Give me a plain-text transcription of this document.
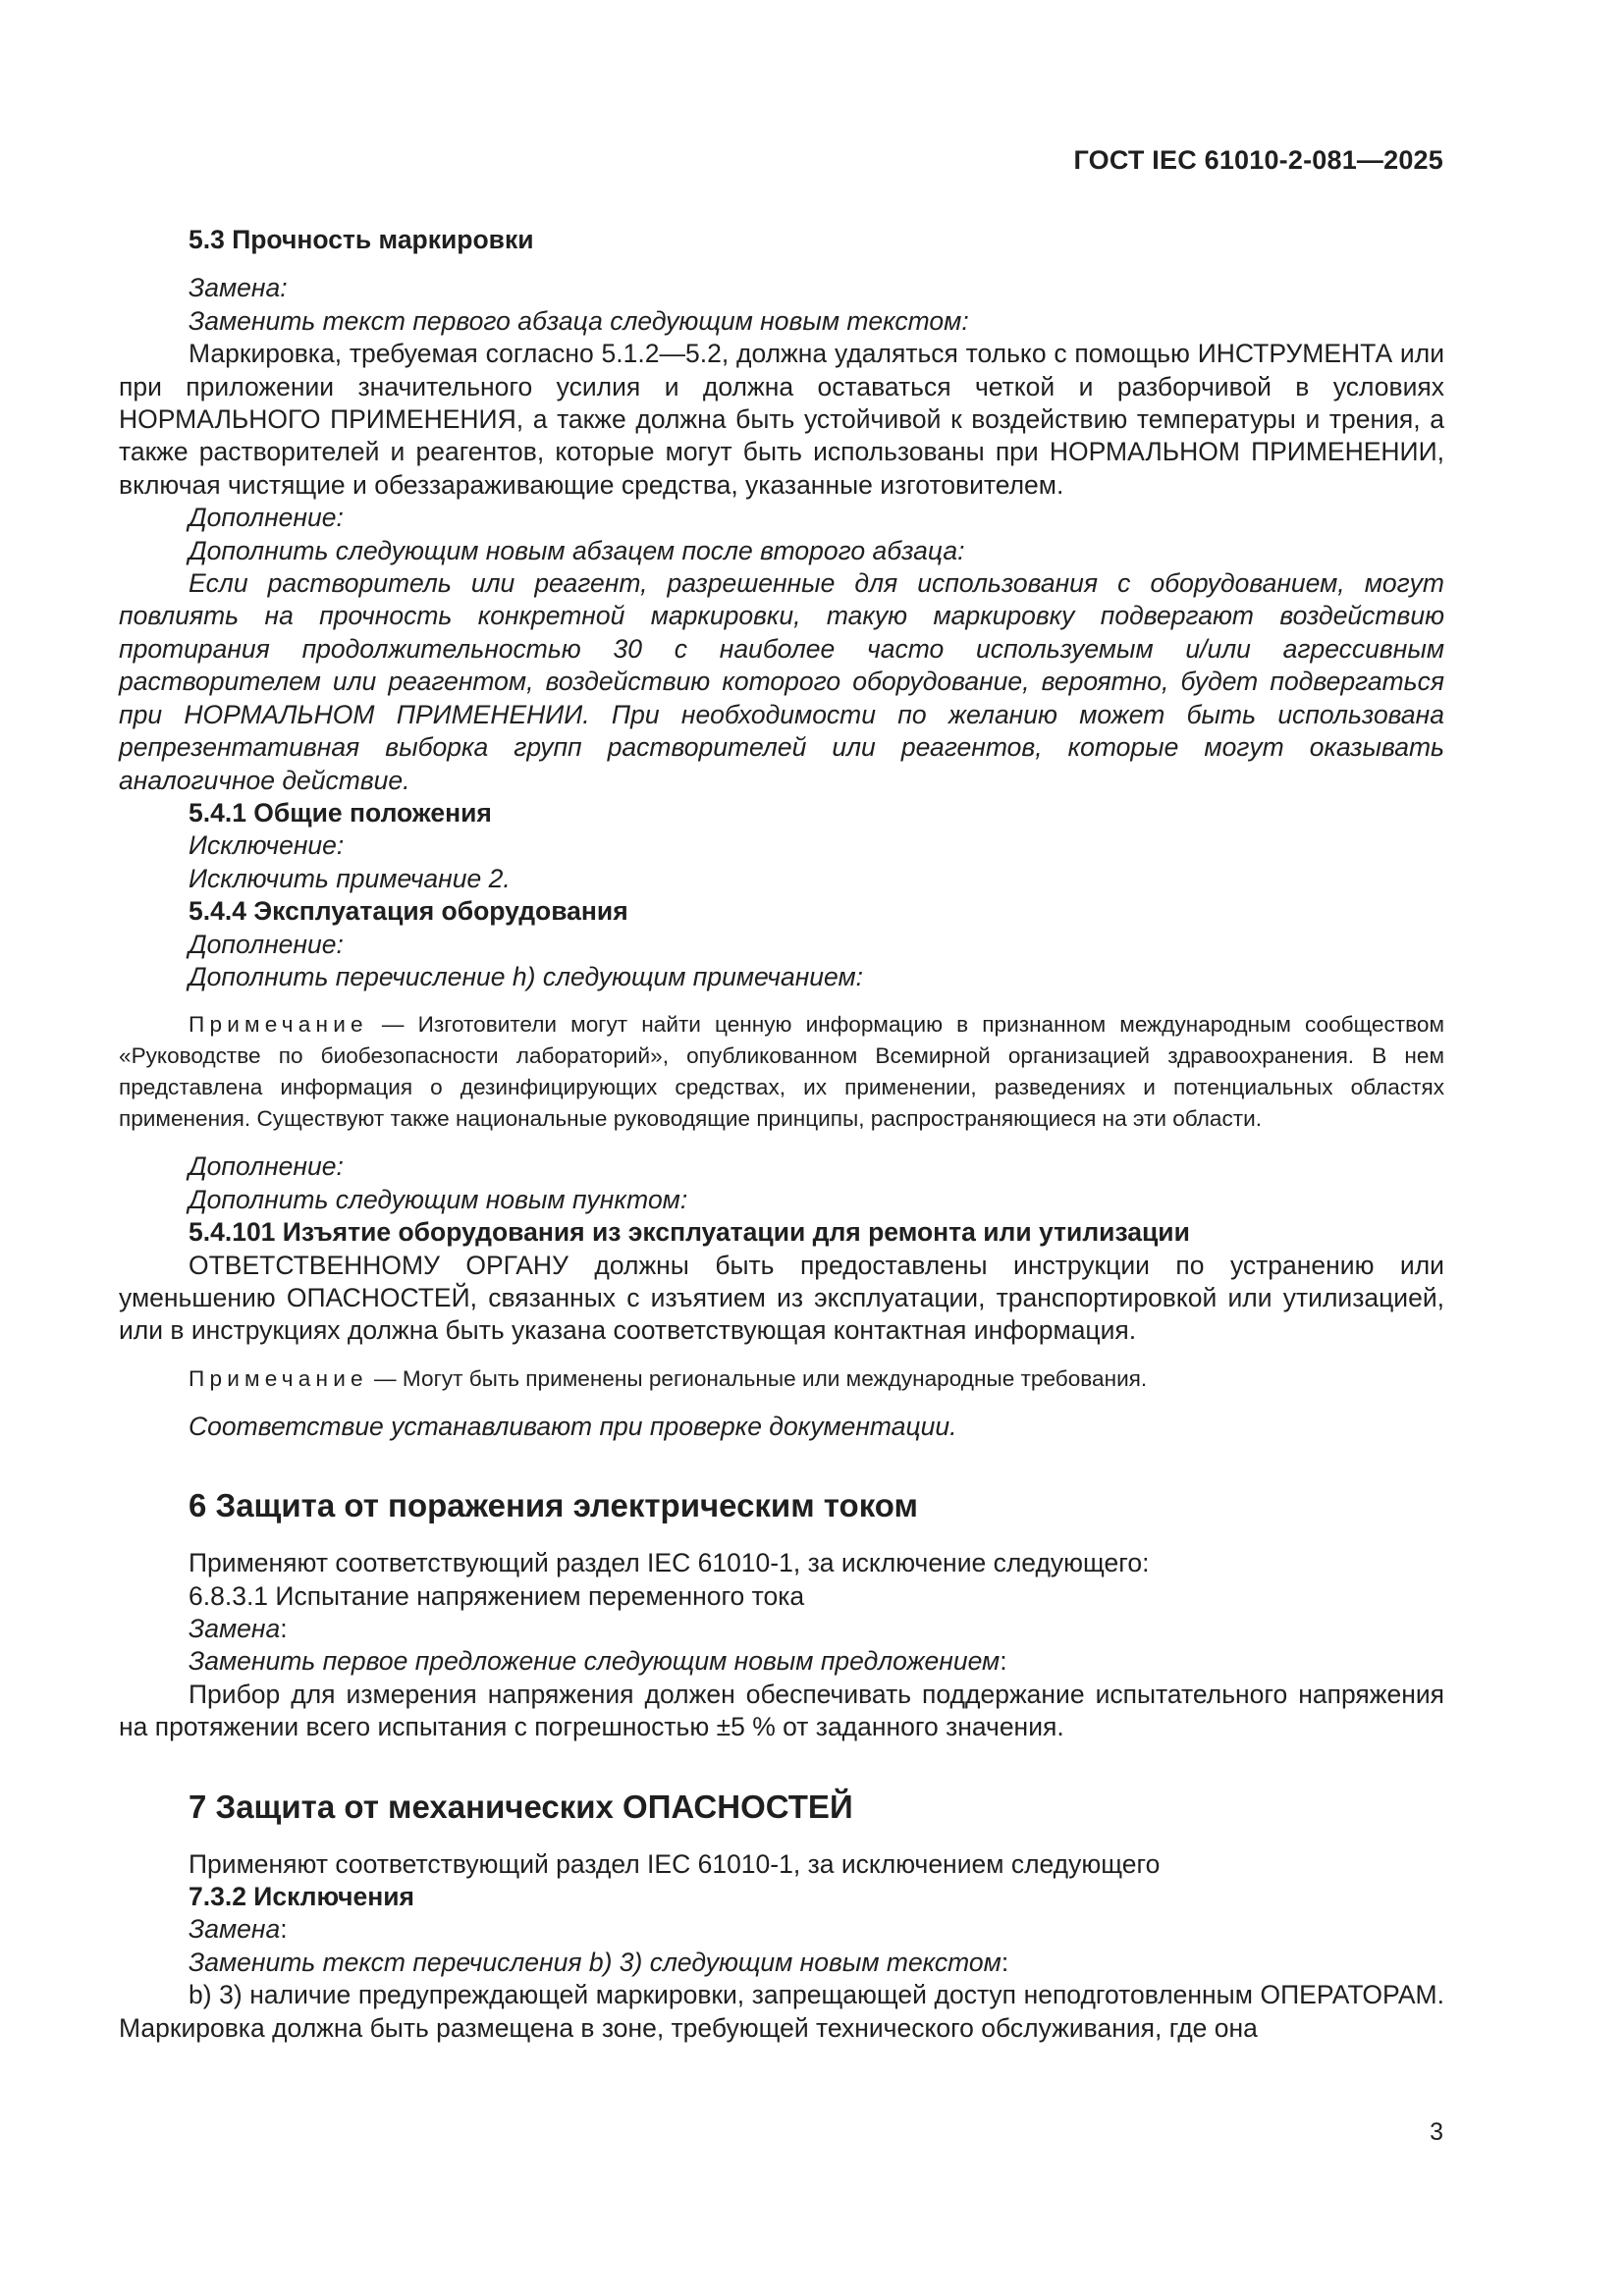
ГОСТ IEC 61010-2-081—2025

5.3 Прочность маркировки

Замена:

Заменить текст первого абзаца следующим новым текстом:

Маркировка, требуемая согласно 5.1.2—5.2, должна удаляться только с помощью ИНСТРУМЕНТА или при приложении значительного усилия и должна оставаться четкой и разборчивой в условиях НОРМАЛЬНОГО ПРИМЕНЕНИЯ, а также должна быть устойчивой к воздействию температуры и трения, а также растворителей и реагентов, которые могут быть использованы при НОРМАЛЬНОМ ПРИМЕНЕНИИ, включая чистящие и обеззараживающие средства, указанные изготовителем.

Дополнение:

Дополнить следующим новым абзацем после второго абзаца:

Если растворитель или реагент, разрешенные для использования с оборудованием, могут повлиять на прочность конкретной маркировки, такую маркировку подвергают воздействию протирания продолжительностью 30 с наиболее часто используемым и/или агрессивным растворителем или реагентом, воздействию которого оборудование, вероятно, будет подвергаться при НОРМАЛЬНОМ ПРИМЕНЕНИИ. При необходимости по желанию может быть использована репрезентативная выборка групп растворителей или реагентов, которые могут оказывать аналогичное действие.

5.4.1 Общие положения

Исключение:

Исключить примечание 2.

5.4.4 Эксплуатация оборудования

Дополнение:

Дополнить перечисление h) следующим примечанием:

Примечание — Изготовители могут найти ценную информацию в признанном международным сообществом «Руководстве по биобезопасности лабораторий», опубликованном Всемирной организацией здравоохранения. В нем представлена информация о дезинфицирующих средствах, их применении, разведениях и потенциальных областях применения. Существуют также национальные руководящие принципы, распространяющиеся на эти области.

Дополнение:

Дополнить следующим новым пунктом:

5.4.101 Изъятие оборудования из эксплуатации для ремонта или утилизации

ОТВЕТСТВЕННОМУ ОРГАНУ должны быть предоставлены инструкции по устранению или уменьшению ОПАСНОСТЕЙ, связанных с изъятием из эксплуатации, транспортировкой или утилизацией, или в инструкциях должна быть указана соответствующая контактная информация.

Примечание — Могут быть применены региональные или международные требования.

Соответствие устанавливают при проверке документации.

6 Защита от поражения электрическим током

Применяют соответствующий раздел IEC 61010-1, за исключение следующего:

6.8.3.1 Испытание напряжением переменного тока

Замена:

Заменить первое предложение следующим новым предложением:

Прибор для измерения напряжения должен обеспечивать поддержание испытательного напряжения на протяжении всего испытания с погрешностью ±5 % от заданного значения.

7 Защита от механических ОПАСНОСТЕЙ

Применяют соответствующий раздел IEC 61010-1, за исключением следующего

7.3.2 Исключения

Замена:

Заменить текст перечисления b) 3) следующим новым текстом:

b) 3) наличие предупреждающей маркировки, запрещающей доступ неподготовленным ОПЕРАТОРАМ. Маркировка должна быть размещена в зоне, требующей технического обслуживания, где она

3
